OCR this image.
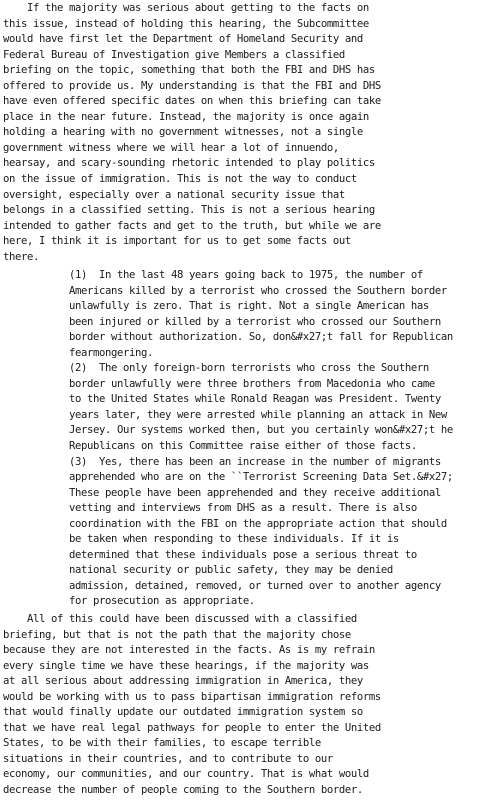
If the majority was serious about getting to the facts on
this issue, instead of holding this hearing, the Subcommittee
would have first let the Department of Homeland Security and
Federal Bureau of Investigation give Members a classified
briefing on the topic, something that both the FBI and DHS has
offered to provide us. My understanding is that the FBI and DHS
have even offered specific dates on when this briefing can take
place in the near future. Instead, the majority is once again
holding a hearing with no government witnesses, not a single
government witness where we will hear a lot of innuendo,
hearsay, and scary-sounding rhetoric intended to play politics
on the issue of immigration. This is not the way to conduct
oversight, especially over a national security issue that
belongs in a classified setting. This is not a serious hearing
intended to gather facts and get to the truth, but while we are
here, I think it is important for us to get some facts out
there.
(1)  In the last 48 years going back to 1975, the number of
Americans killed by a terrorist who crossed the Southern border
unlawfully is zero. That is right. Not a single American has
been injured or killed by a terrorist who crossed our Southern
border without authorization. So, don&#x27;t fall for Republican
fearmongering.
(2)  The only foreign-born terrorists who cross the Southern
border unlawfully were three brothers from Macedonia who came
to the United States while Ronald Reagan was President. Twenty
years later, they were arrested while planning an attack in New
Jersey. Our systems worked then, but you certainly won&#x27;t he
Republicans on this Committee raise either of those facts.
(3)  Yes, there has been an increase in the number of migrants
apprehended who are on the ``Terrorist Screening Data Set.&#x27;
These people have been apprehended and they receive additional
vetting and interviews from DHS as a result. There is also
coordination with the FBI on the appropriate action that should
be taken when responding to these individuals. If it is
determined that these individuals pose a serious threat to
national security or public safety, they may be denied
admission, detained, removed, or turned over to another agency
for prosecution as appropriate.
All of this could have been discussed with a classified
briefing, but that is not the path that the majority chose
because they are not interested in the facts. As is my refrain
every single time we have these hearings, if the majority was
at all serious about addressing immigration in America, they
would be working with us to pass bipartisan immigration reforms
that would finally update our outdated immigration system so
that we have real legal pathways for people to enter the United
States, to be with their families, to escape terrible
situations in their countries, and to contribute to our
economy, our communities, and our country. That is what would
decrease the number of people coming to the Southern border.
